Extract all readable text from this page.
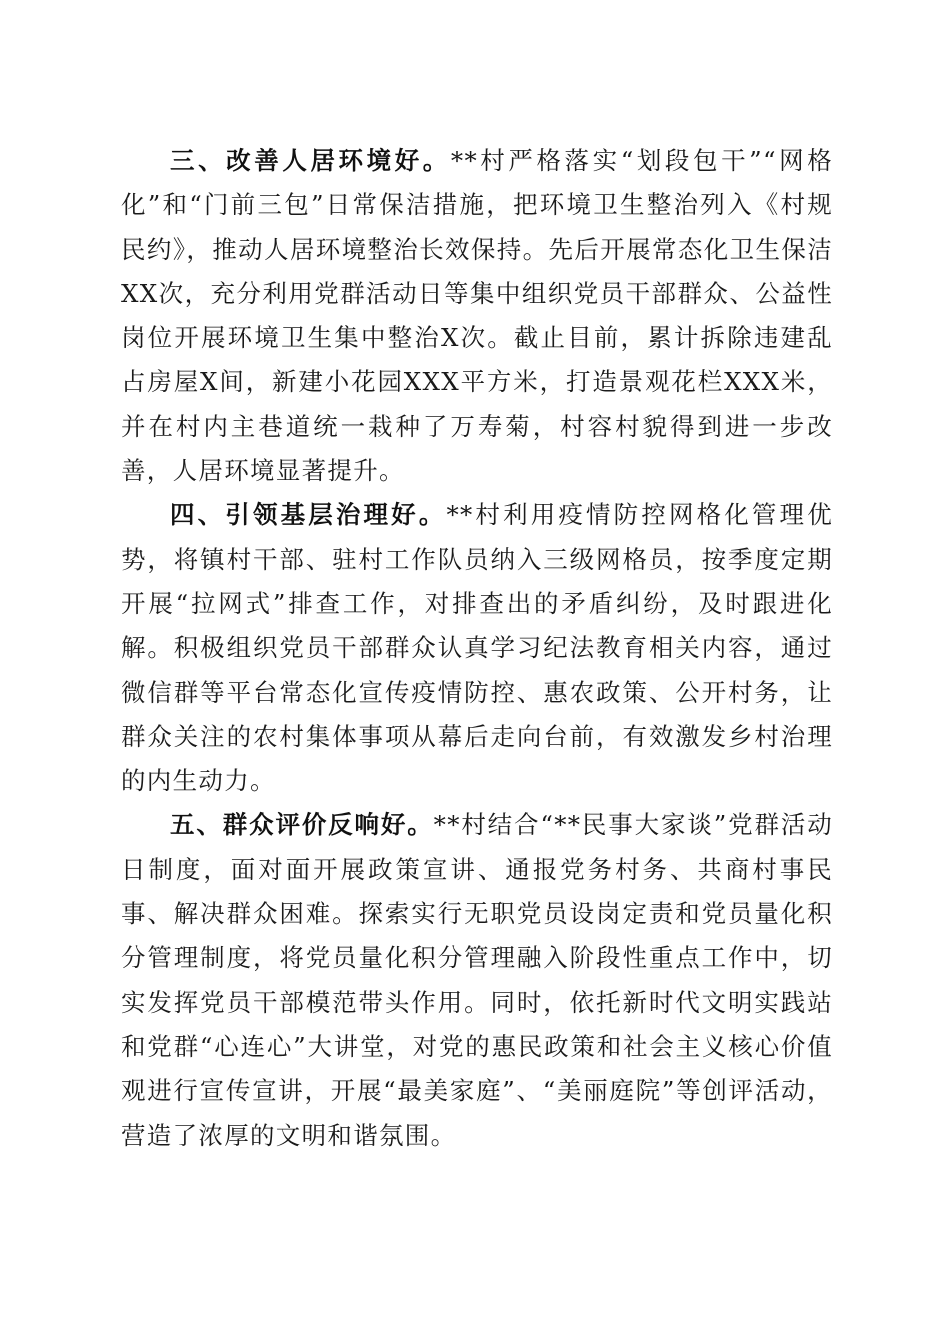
三、改善人居环境好。**村严格落实“划段包干”“网格化”和“门前三包”日常保洁措施，把环境卫生整治列入《村规民约》，推动人居环境整治长效保持。先后开展常态化卫生保洁XX次，充分利用党群活动日等集中组织党员干部群众、公益性岗位开展环境卫生集中整治X次。截止目前，累计拆除违建乱占房屋X间，新建小花园XXX平方米，打造景观花栏XXX米，并在村内主巷道统一栽种了万寿菊，村容村貌得到进一步改善，人居环境显著提升。

四、引领基层治理好。**村利用疫情防控网格化管理优势，将镇村干部、驻村工作队员纳入三级网格员，按季度定期开展“拉网式”排查工作，对排查出的矛盾纠纷，及时跟进化解。积极组织党员干部群众认真学习纪法教育相关内容，通过微信群等平台常态化宣传疫情防控、惠农政策、公开村务，让群众关注的农村集体事项从幕后走向台前，有效激发乡村治理的内生动力。

五、群众评价反响好。**村结合“**民事大家谈”党群活动日制度，面对面开展政策宣讲、通报党务村务、共商村事民事、解决群众困难。探索实行无职党员设岗定责和党员量化积分管理制度，将党员量化积分管理融入阶段性重点工作中，切实发挥党员干部模范带头作用。同时，依托新时代文明实践站和党群“心连心”大讲堂，对党的惠民政策和社会主义核心价值观进行宣传宣讲，开展“最美家庭”、“美丽庭院”等创评活动，营造了浓厚的文明和谐氛围。
